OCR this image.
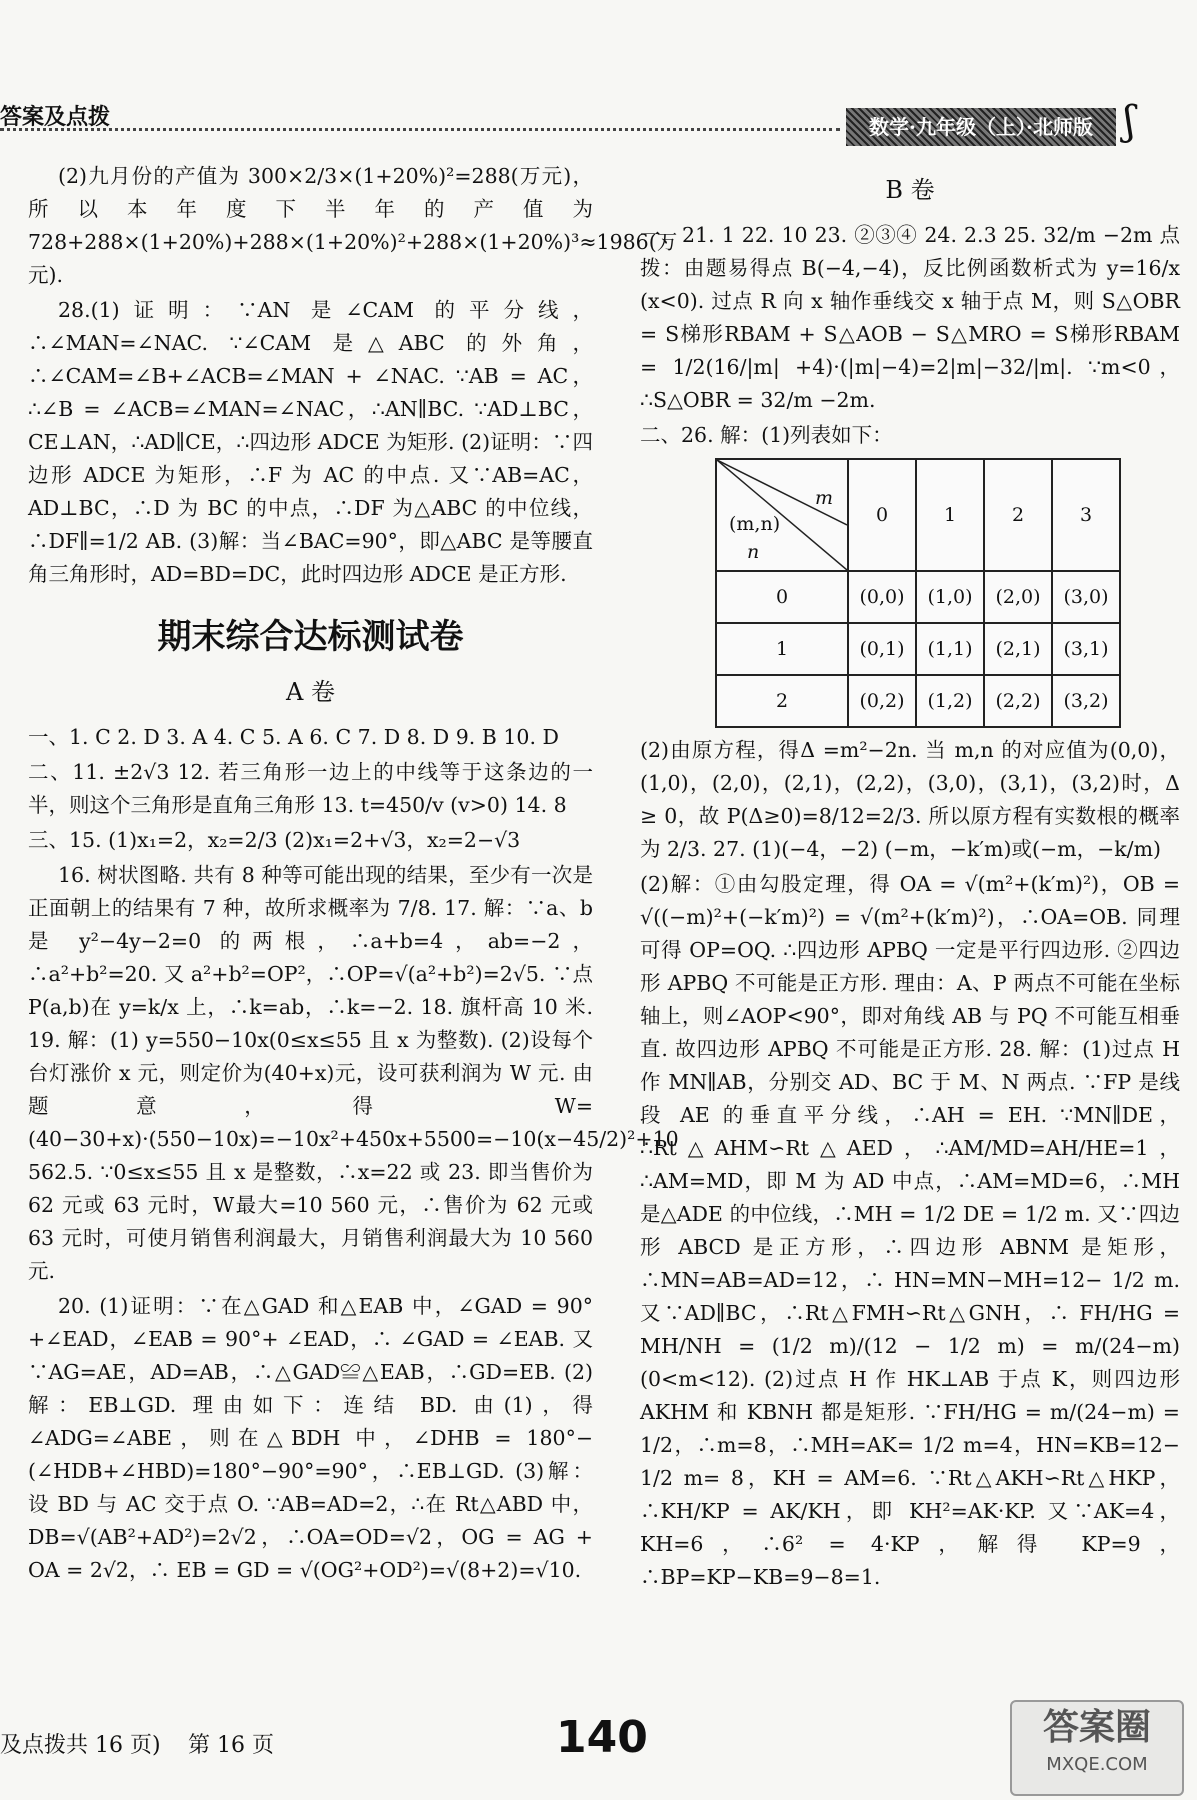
答案及点拨	数学·九年级（上）·北师版 ʃ

(2)九月份的产值为 300×2/3×(1+20%)²=288(万元)，所以本年度下半年的产值为 728+288×(1+20%)+288×(1+20%)²+288×(1+20%)³≈1986(万元).

28.(1)证明：∵AN 是∠CAM 的平分线，∴∠MAN=∠NAC. ∵∠CAM 是△ABC 的外角，∴∠CAM=∠B+∠ACB=∠MAN + ∠NAC. ∵AB = AC，∴∠B = ∠ACB=∠MAN=∠NAC，∴AN∥BC. ∵AD⊥BC，CE⊥AN，∴AD∥CE，∴四边形 ADCE 为矩形. (2)证明：∵四边形 ADCE 为矩形，∴F 为 AC 的中点. 又∵AB=AC，AD⊥BC，∴D 为 BC 的中点，∴DF 为△ABC 的中位线，∴DF∥=1/2 AB. (3)解：当∠BAC=90°，即△ABC 是等腰直角三角形时，AD=BD=DC，此时四边形 ADCE 是正方形.

期末综合达标测试卷
A 卷

一、1. C 2. D 3. A 4. C 5. A 6. C 7. D 8. D 9. B 10. D

二、11. ±2√3 12. 若三角形一边上的中线等于这条边的一半，则这个三角形是直角三角形 13. t=450/v (v>0) 14. 8

三、15. (1)x₁=2，x₂=2/3 (2)x₁=2+√3，x₂=2−√3

16. 树状图略. 共有 8 种等可能出现的结果，至少有一次是正面朝上的结果有 7 种，故所求概率为 7/8. 17. 解：∵a、b 是 y²−4y−2=0 的两根，∴a+b=4，ab=−2，∴a²+b²=20. 又 a²+b²=OP²，∴OP=√(a²+b²)=2√5. ∵点 P(a,b)在 y=k/x 上，∴k=ab，∴k=−2. 18. 旗杆高 10 米. 19. 解：(1) y=550−10x(0≤x≤55 且 x 为整数). (2)设每个台灯涨价 x 元，则定价为(40+x)元，设可获利润为 W 元. 由题意，得 W=(40−30+x)·(550−10x)=−10x²+450x+5500=−10(x−45/2)²+10 562.5. ∵0≤x≤55 且 x 是整数，∴x=22 或 23. 即当售价为 62 元或 63 元时，W最大=10 560 元，∴售价为 62 元或 63 元时，可使月销售利润最大，月销售利润最大为 10 560 元.

20. (1)证明：∵在△GAD 和△EAB 中，∠GAD = 90°+∠EAD，∠EAB = 90°+ ∠EAD，∴ ∠GAD = ∠EAB. 又∵AG=AE，AD=AB，∴△GAD≌△EAB，∴GD=EB. (2)解：EB⊥GD. 理由如下：连结 BD. 由(1)，得∠ADG=∠ABE，则在△BDH 中，∠DHB = 180°−(∠HDB+∠HBD)=180°−90°=90°，∴EB⊥GD. (3)解：设 BD 与 AC 交于点 O. ∵AB=AD=2，∴在 Rt△ABD 中，DB=√(AB²+AD²)=2√2，∴OA=OD=√2，OG = AG + OA = 2√2，∴ EB = GD = √(OG²+OD²)=√(8+2)=√10.

B 卷

一、21. 1 22. 10 23. ②③④ 24. 2.3 25. 32/m −2m 点拨：由题易得点 B(−4,−4)，反比例函数析式为 y=16/x (x<0). 过点 R 向 x 轴作垂线交 x 轴于点 M，则 S△OBR = S梯形RBAM + S△AOB − S△MRO = S梯形RBAM = 1/2(16/|m| +4)·(|m|−4)=2|m|−32/|m|. ∵m<0，∴S△OBR = 32/m −2m.

二、26. 解：(1)列表如下：

m
(m,n)
n	0	1	2	3
0	(0,0)	(1,0)	(2,0)	(3,0)
1	(0,1)	(1,1)	(2,1)	(3,1)
2	(0,2)	(1,2)	(2,2)	(3,2)

(2)由原方程，得Δ =m²−2n. 当 m,n 的对应值为(0,0)，(1,0)，(2,0)，(2,1)，(2,2)，(3,0)，(3,1)，(3,2)时，Δ ≥ 0，故 P(Δ≥0)=8/12=2/3. 所以原方程有实数根的概率为 2/3. 27. (1)(−4，−2) (−m，−k′m)或(−m，−k/m)

(2)解：①由勾股定理，得 OA = √(m²+(k′m)²)，OB = √((−m)²+(−k′m)²) = √(m²+(k′m)²)，∴OA=OB. 同理可得 OP=OQ. ∴四边形 APBQ 一定是平行四边形. ②四边形 APBQ 不可能是正方形. 理由：A、P 两点不可能在坐标轴上，则∠AOP<90°，即对角线 AB 与 PQ 不可能互相垂直. 故四边形 APBQ 不可能是正方形. 28. 解：(1)过点 H 作 MN∥AB，分别交 AD、BC 于 M、N 两点. ∵FP 是线段 AE 的垂直平分线，∴AH = EH. ∵MN∥DE，∴Rt△AHM∽Rt△AED，∴AM/MD=AH/HE=1，∴AM=MD，即 M 为 AD 中点，∴AM=MD=6，∴MH 是△ADE 的中位线，∴MH = 1/2 DE = 1/2 m. 又∵四边形 ABCD 是正方形，∴四边形 ABNM 是矩形，∴MN=AB=AD=12，∴ HN=MN−MH=12− 1/2 m. 又∵AD∥BC，∴Rt△FMH∽Rt△GNH，∴ FH/HG = MH/NH = (1/2 m)/(12 − 1/2 m) = m/(24−m) (0<m<12). (2)过点 H 作 HK⊥AB 于点 K，则四边形 AKHM 和 KBNH 都是矩形. ∵FH/HG = m/(24−m) = 1/2，∴m=8，∴MH=AK= 1/2 m=4，HN=KB=12− 1/2 m= 8，KH = AM=6. ∵Rt△AKH∽Rt△HKP，∴KH/KP = AK/KH，即 KH²=AK·KP. 又∵AK=4，KH=6，∴6² = 4·KP，解得 KP=9，∴BP=KP−KB=9−8=1.

及点拨共 16 页) 第 16 页	140	答案圈
MXQE.COM
